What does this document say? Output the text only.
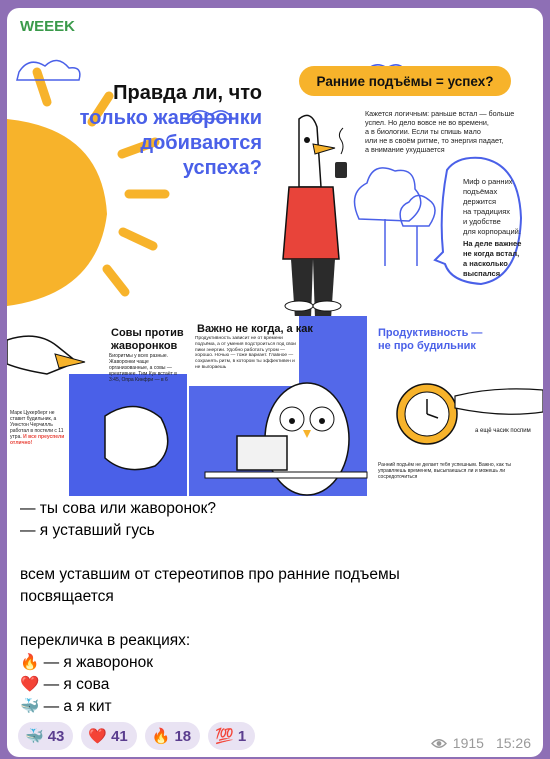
WEEEK
Правда ли, что
только жаворонки
добиваются
успеха?
Ранние подъёмы = успех?
Кажется логичным: раньше встал — больше
успел. Но дело вовсе не во времени,
а в биологии. Если ты спишь мало
или не в своём ритме, то энергия падает,
а внимание ухудшается
Миф о ранних
подъёмах
держится
на традициях
и удобстве
для корпораций.
На деле важнее
не когда встал,
а насколько
выспался
Совы против
жаворонков
Биоритмы у всех разные. Жаворонки чаще организованные, а совы — креативнее. Тим Кук встаёт в 3:45, Опра Кинфри — в 6
Марк Цукерберг не ставит будильник, а Уинстон Черчилль работал в постели с 11 утра. И все преуспели отлично!
Важно не когда, а как
Продуктивность зависит не от времени подъёма, а от умения подстроиться под свои пики энергии. Удобно работать утром — хорошо. Ночью — тоже вариант. Главное — сохранять ритм, в котором ты эффективен и не выгораешь
Продуктивность —
не про будильник
а ещё часик поспим
Ранний подъём не делает тебя успешным. Важно, как ты управляешь временем, высыпаешься ли и можешь ли сосредоточиться
— ты сова или жаворонок?
— я уставший гусь
всем уставшим от стереотипов про ранние подъемы
посвящается
перекличка в реакциях:
🔥 — я жаворонок
❤️ — я сова
🐳 — а я кит
🐳 43 ❤️ 41 🔥 18 💯 1	1915 15:26
